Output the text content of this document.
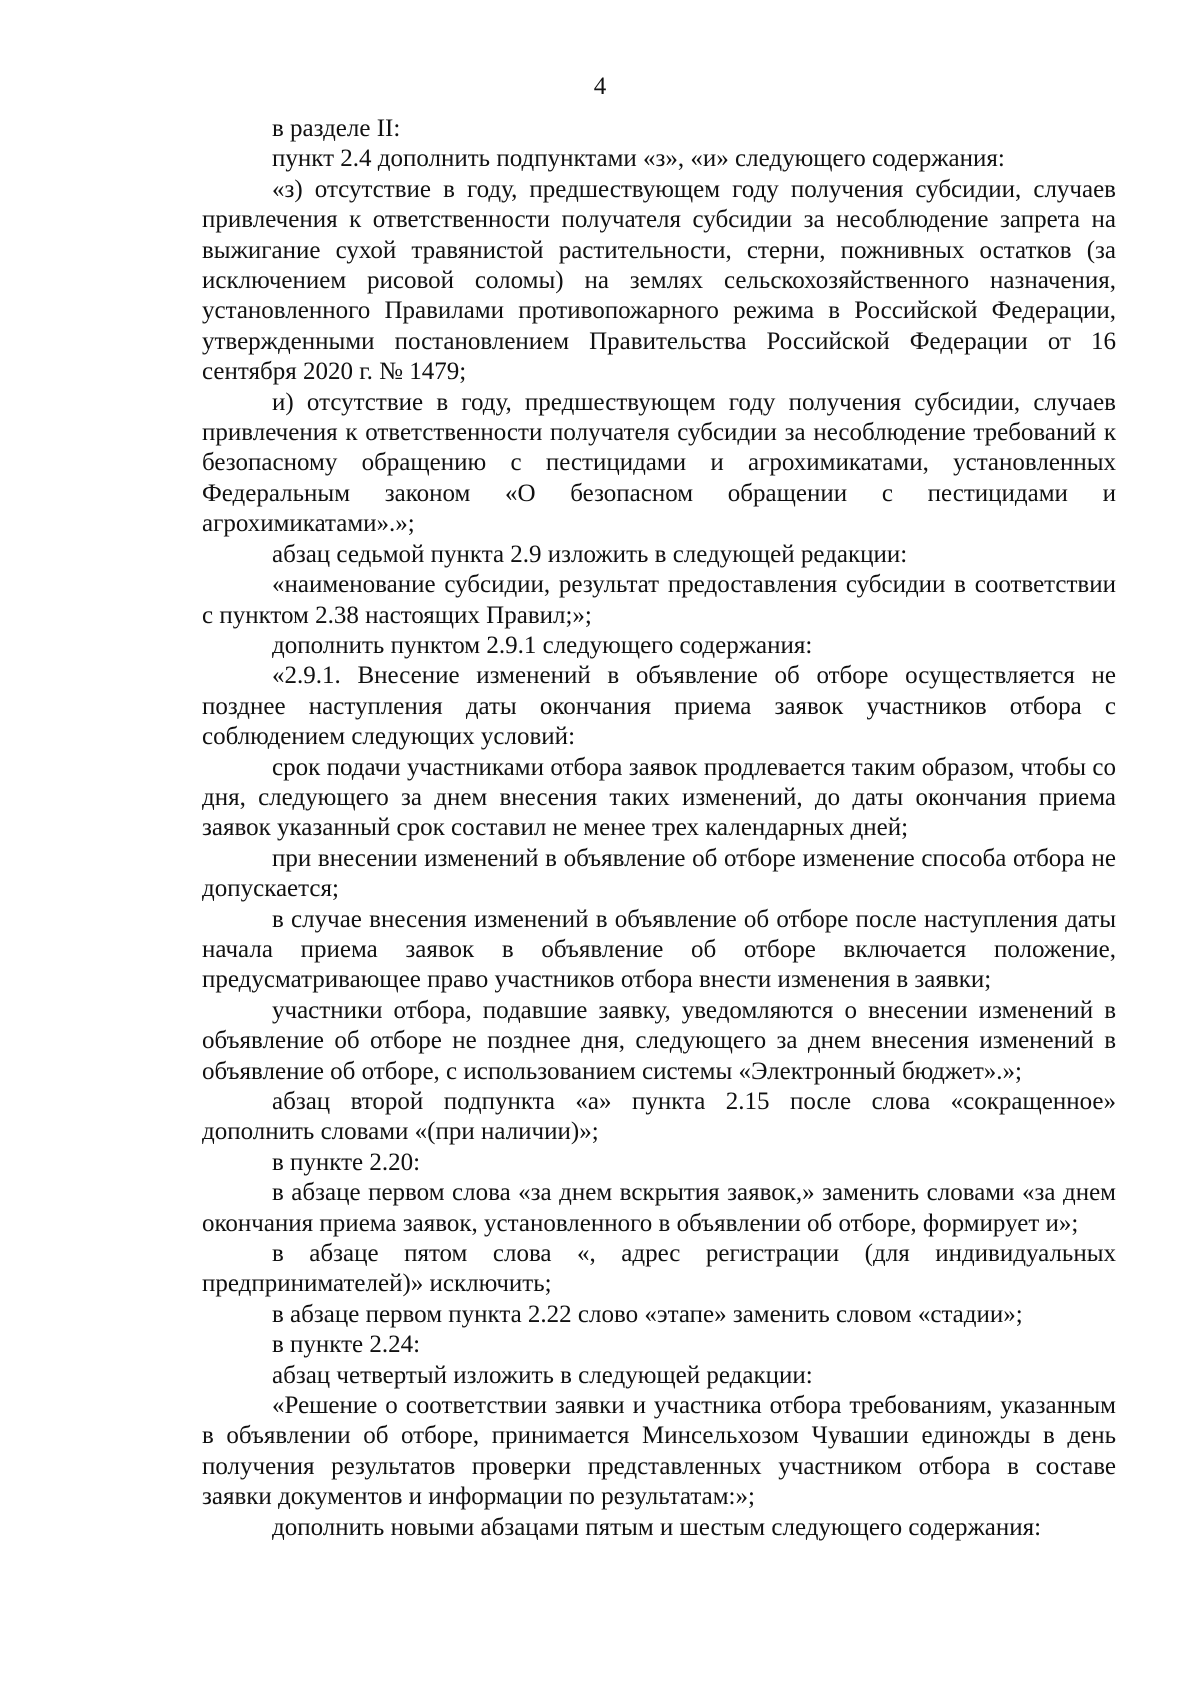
4

в разделе II:

пункт 2.4 дополнить подпунктами «з», «и» следующего содержания:

«з) отсутствие в году, предшествующем году получения субсидии, случаев привлечения к ответственности получателя субсидии за несоблюдение запрета на выжигание сухой травянистой растительности, стерни, пожнивных остатков (за исключением рисовой соломы) на землях сельскохозяйственного назначения, установленного Правилами противопожарного режима в Российской Федерации, утвержденными постановлением Правительства Российской Федерации от 16 сентября 2020 г. № 1479;

и) отсутствие в году, предшествующем году получения субсидии, случаев привлечения к ответственности получателя субсидии за несоблюдение требований к безопасному обращению с пестицидами и агрохимикатами, установленных Федеральным законом «О безопасном обращении с пестицидами и агрохимикатами».»;

абзац седьмой пункта 2.9 изложить в следующей редакции:

«наименование субсидии, результат предоставления субсидии в соответствии с пунктом 2.38 настоящих Правил;»;

дополнить пунктом 2.9.1 следующего содержания:

«2.9.1. Внесение изменений в объявление об отборе осуществляется не позднее наступления даты окончания приема заявок участников отбора с соблюдением следующих условий:

срок подачи участниками отбора заявок продлевается таким образом, чтобы со дня, следующего за днем внесения таких изменений, до даты окончания приема заявок указанный срок составил не менее трех календарных дней;

при внесении изменений в объявление об отборе изменение способа отбора не допускается;

в случае внесения изменений в объявление об отборе после наступления даты начала приема заявок в объявление об отборе включается положение, предусматривающее право участников отбора внести изменения в заявки;

участники отбора, подавшие заявку, уведомляются о внесении изменений в объявление об отборе не позднее дня, следующего за днем внесения изменений в объявление об отборе, с использованием системы «Электронный бюджет».»;

абзац второй подпункта «а» пункта 2.15 после слова «сокращенное» дополнить словами «(при наличии)»;

в пункте 2.20:

в абзаце первом слова «за днем вскрытия заявок,» заменить словами «за днем окончания приема заявок, установленного в объявлении об отборе, формирует и»;

в абзаце пятом слова «, адрес регистрации (для индивидуальных предпринимателей)» исключить;

в абзаце первом пункта 2.22 слово «этапе» заменить словом «стадии»;

в пункте 2.24:

абзац четвертый изложить в следующей редакции:

«Решение о соответствии заявки и участника отбора требованиям, указанным в объявлении об отборе, принимается Минсельхозом Чувашии единожды в день получения результатов проверки представленных участником отбора в составе заявки документов и информации по результатам:»;

дополнить новыми абзацами пятым и шестым следующего содержания:
